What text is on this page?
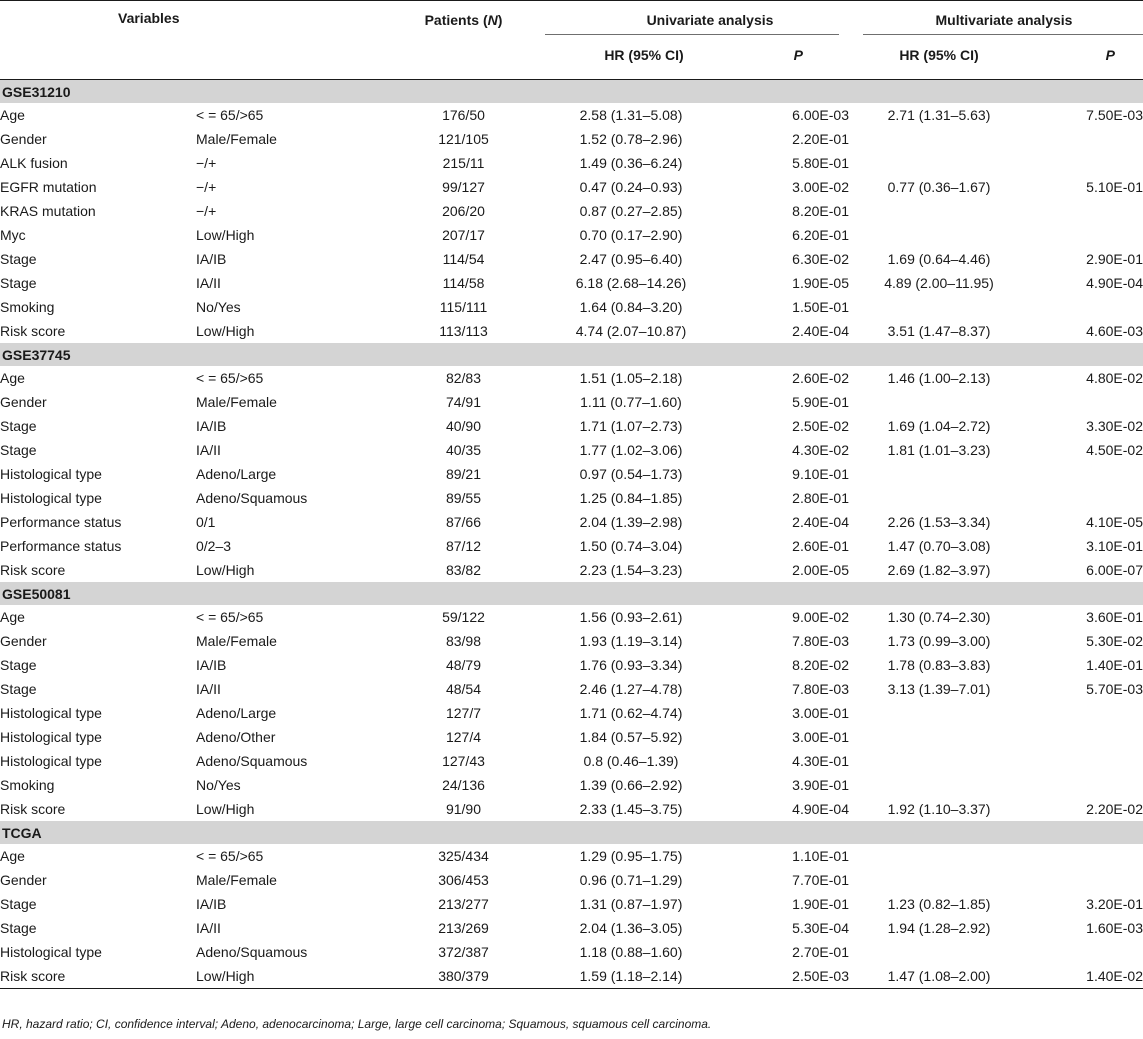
Variables		Patients (N)	Univariate analysis		Multivariate analysis	

			HR (95% CI)	P	HR (95% CI)	P

GSE31210						
Age	< = 65/>65	176/50	2.58 (1.31–5.08)	6.00E-03	2.71 (1.31–5.63)	7.50E-03
Gender	Male/Female	121/105	1.52 (0.78–2.96)	2.20E-01		
ALK fusion	−/+	215/11	1.49 (0.36–6.24)	5.80E-01		
EGFR mutation	−/+	99/127	0.47 (0.24–0.93)	3.00E-02	0.77 (0.36–1.67)	5.10E-01
KRAS mutation	−/+	206/20	0.87 (0.27–2.85)	8.20E-01		
Myc	Low/High	207/17	0.70 (0.17–2.90)	6.20E-01		
Stage	IA/IB	114/54	2.47 (0.95–6.40)	6.30E-02	1.69 (0.64–4.46)	2.90E-01
Stage	IA/II	114/58	6.18 (2.68–14.26)	1.90E-05	4.89 (2.00–11.95)	4.90E-04
Smoking	No/Yes	115/111	1.64 (0.84–3.20)	1.50E-01		
Risk score	Low/High	113/113	4.74 (2.07–10.87)	2.40E-04	3.51 (1.47–8.37)	4.60E-03
GSE37745						
Age	< = 65/>65	82/83	1.51 (1.05–2.18)	2.60E-02	1.46 (1.00–2.13)	4.80E-02
Gender	Male/Female	74/91	1.11 (0.77–1.60)	5.90E-01		
Stage	IA/IB	40/90	1.71 (1.07–2.73)	2.50E-02	1.69 (1.04–2.72)	3.30E-02
Stage	IA/II	40/35	1.77 (1.02–3.06)	4.30E-02	1.81 (1.01–3.23)	4.50E-02
Histological type	Adeno/Large	89/21	0.97 (0.54–1.73)	9.10E-01		
Histological type	Adeno/Squamous	89/55	1.25 (0.84–1.85)	2.80E-01		
Performance status	0/1	87/66	2.04 (1.39–2.98)	2.40E-04	2.26 (1.53–3.34)	4.10E-05
Performance status	0/2–3	87/12	1.50 (0.74–3.04)	2.60E-01	1.47 (0.70–3.08)	3.10E-01
Risk score	Low/High	83/82	2.23 (1.54–3.23)	2.00E-05	2.69 (1.82–3.97)	6.00E-07
GSE50081						
Age	< = 65/>65	59/122	1.56 (0.93–2.61)	9.00E-02	1.30 (0.74–2.30)	3.60E-01
Gender	Male/Female	83/98	1.93 (1.19–3.14)	7.80E-03	1.73 (0.99–3.00)	5.30E-02
Stage	IA/IB	48/79	1.76 (0.93–3.34)	8.20E-02	1.78 (0.83–3.83)	1.40E-01
Stage	IA/II	48/54	2.46 (1.27–4.78)	7.80E-03	3.13 (1.39–7.01)	5.70E-03
Histological type	Adeno/Large	127/7	1.71 (0.62–4.74)	3.00E-01		
Histological type	Adeno/Other	127/4	1.84 (0.57–5.92)	3.00E-01		
Histological type	Adeno/Squamous	127/43	0.8 (0.46–1.39)	4.30E-01		
Smoking	No/Yes	24/136	1.39 (0.66–2.92)	3.90E-01		
Risk score	Low/High	91/90	2.33 (1.45–3.75)	4.90E-04	1.92 (1.10–3.37)	2.20E-02
TCGA						
Age	< = 65/>65	325/434	1.29 (0.95–1.75)	1.10E-01		
Gender	Male/Female	306/453	0.96 (0.71–1.29)	7.70E-01		
Stage	IA/IB	213/277	1.31 (0.87–1.97)	1.90E-01	1.23 (0.82–1.85)	3.20E-01
Stage	IA/II	213/269	2.04 (1.36–3.05)	5.30E-04	1.94 (1.28–2.92)	1.60E-03
Histological type	Adeno/Squamous	372/387	1.18 (0.88–1.60)	2.70E-01		
Risk score	Low/High	380/379	1.59 (1.18–2.14)	2.50E-03	1.47 (1.08–2.00)	1.40E-02

HR, hazard ratio; CI, confidence interval; Adeno, adenocarcinoma; Large, large cell carcinoma; Squamous, squamous cell carcinoma.
